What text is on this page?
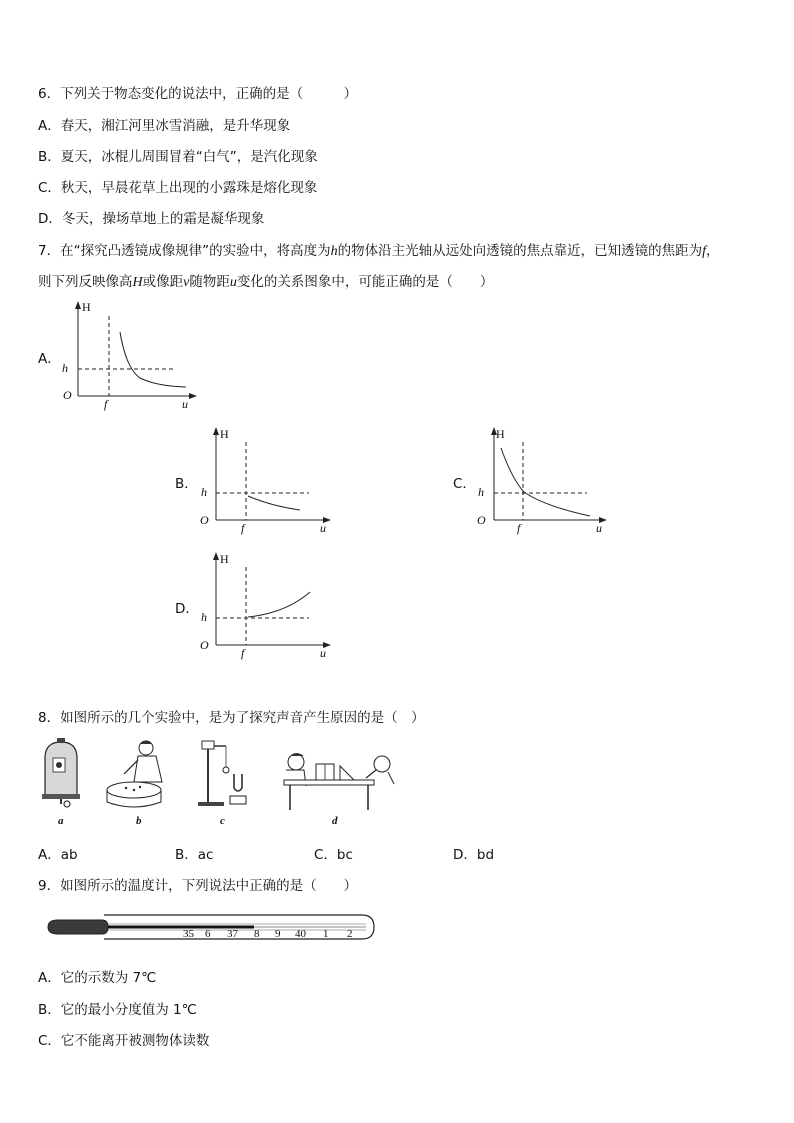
6．下列关于物态变化的说法中，正确的是（　　　）
A．春天，湘江河里冰雪消融，是升华现象
B．夏天，冰棍儿周围冒着“白气”，是汽化现象
C．秋天，早晨花草上出现的小露珠是熔化现象
D．冬天，操场草地上的霜是凝华现象
7．在“探究凸透镜成像规律”的实验中，将高度为h的物体沿主光轴从远处向透镜的焦点靠近，已知透镜的焦距为f，
则下列反映像高H或像距v随物距u变化的关系图象中，可能正确的是（　　）
A．
H
h
O
f	u
B．
H
h
O
f	u
C．
H
h
O
f	u
D．
H
h
O
f	u
8．如图所示的几个实验中，是为了探究声音产生原因的是（　）
a	b	c	d
A．ab	B．ac	C．bc	D．bd
9．如图所示的温度计，下列说法中正确的是（　　）
35 6 37 8 9 40 1 2
A．它的示数为 7℃
B．它的最小分度值为 1℃
C．它不能离开被测物体读数
